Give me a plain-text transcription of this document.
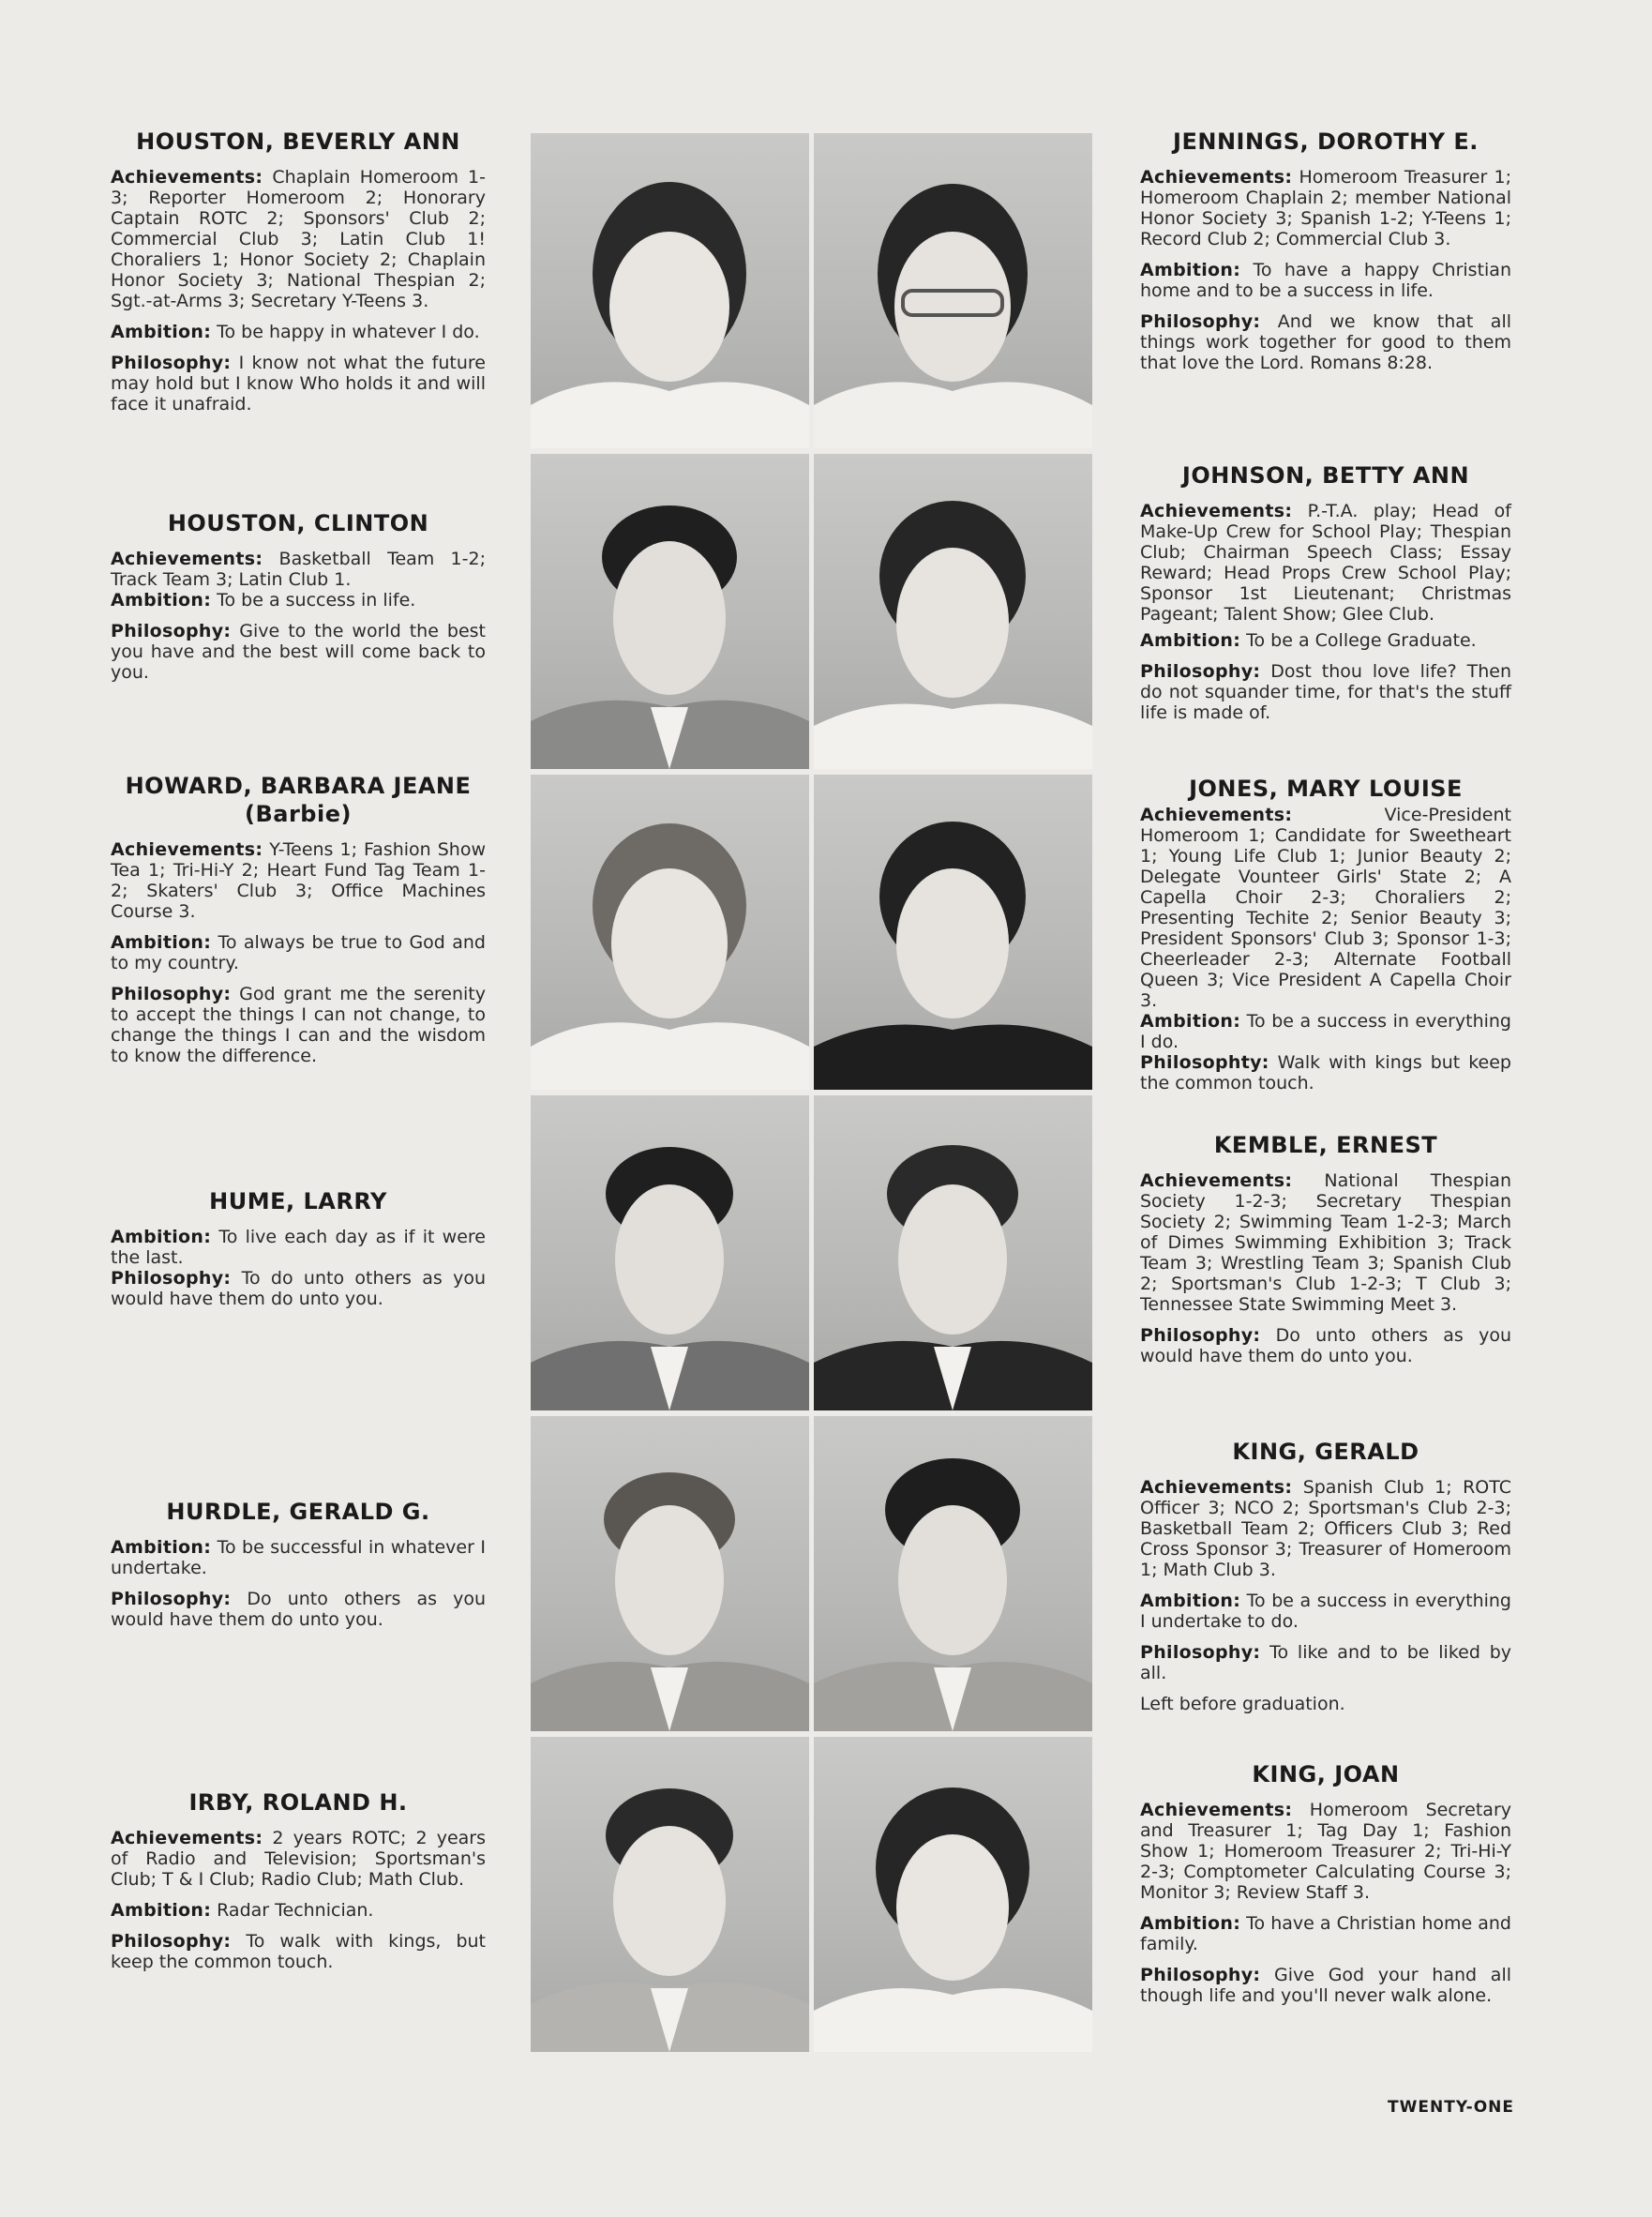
HOUSTON, BEVERLY ANN

Achievements: Chaplain Homeroom 1-3; Reporter Homeroom 2; Honorary Captain ROTC 2; Sponsors' Club 2; Commercial Club 3; Latin Club 1! Choraliers 1; Honor Society 2; Chaplain Honor Society 3; National Thespian 2; Sgt.-at-Arms 3; Secretary Y-Teens 3.

Ambition: To be happy in whatever I do.

Philosophy: I know not what the future may hold but I know Who holds it and will face it unafraid.

HOUSTON, CLINTON

Achievements: Basketball Team 1-2; Track Team 3; Latin Club 1.

Ambition: To be a success in life.

Philosophy: Give to the world the best you have and the best will come back to you.

HOWARD, BARBARA JEANE
(Barbie)

Achievements: Y-Teens 1; Fashion Show Tea 1; Tri-Hi-Y 2; Heart Fund Tag Team 1-2; Skaters' Club 3; Office Machines Course 3.

Ambition: To always be true to God and to my country.

Philosophy: God grant me the serenity to accept the things I can not change, to change the things I can and the wisdom to know the difference.

HUME, LARRY

Ambition: To live each day as if it were the last.

Philosophy: To do unto others as you would have them do unto you.

HURDLE, GERALD G.

Ambition: To be successful in whatever I undertake.

Philosophy: Do unto others as you would have them do unto you.

IRBY, ROLAND H.

Achievements: 2 years ROTC; 2 years of Radio and Television; Sportsman's Club; T & I Club; Radio Club; Math Club.

Ambition: Radar Technician.

Philosophy: To walk with kings, but keep the common touch.

JENNINGS, DOROTHY E.

Achievements: Homeroom Treasurer 1; Homeroom Chaplain 2; member National Honor Society 3; Spanish 1-2; Y-Teens 1; Record Club 2; Commercial Club 3.

Ambition: To have a happy Christian home and to be a success in life.

Philosophy: And we know that all things work together for good to them that love the Lord. Romans 8:28.

JOHNSON, BETTY ANN

Achievements: P.-T.A. play; Head of Make-Up Crew for School Play; Thespian Club; Chairman Speech Class; Essay Reward; Head Props Crew School Play; Sponsor 1st Lieutenant; Christmas Pageant; Talent Show; Glee Club.

Ambition: To be a College Graduate.

Philosophy: Dost thou love life? Then do not squander time, for that's the stuff life is made of.

JONES, MARY LOUISE

Achievements:	Vice-President Homeroom 1; Candidate for Sweetheart 1; Young Life Club 1; Junior Beauty 2; Delegate Vounteer Girls' State 2; A Capella Choir 2-3; Choraliers 2; Presenting Techite 2; Senior Beauty 3; President Sponsors' Club 3; Sponsor 1-3; Cheerleader 2-3; Alternate Football Queen 3; Vice President A Capella Choir 3.

Ambition: To be a success in everything I do.

Philosophty: Walk with kings but keep the common touch.

KEMBLE, ERNEST

Achievements: National Thespian Society 1-2-3; Secretary Thespian Society 2; Swimming Team 1-2-3; March of Dimes Swimming Exhibition 3; Track Team 3; Wrestling Team 3; Spanish Club 2; Sportsman's Club 1-2-3; T Club 3; Tennessee State Swimming Meet 3.

Philosophy: Do unto others as you would have them do unto you.

KING, GERALD

Achievements: Spanish Club 1; ROTC Officer 3; NCO 2; Sportsman's Club 2-3; Basketball Team 2; Officers Club 3; Red Cross Sponsor 3; Treasurer of Homeroom 1; Math Club 3.

Ambition: To be a success in everything I undertake to do.

Philosophy: To like and to be liked by all.

Left before graduation.

KING, JOAN

Achievements: Homeroom Secretary and Treasurer 1; Tag Day 1; Fashion Show 1; Homeroom Treasurer 2; Tri-Hi-Y 2-3; Comptometer Calculating Course 3; Monitor 3; Review Staff 3.

Ambition: To have a Christian home and family.

Philosophy: Give God your hand all though life and you'll never walk alone.

TWENTY-ONE
